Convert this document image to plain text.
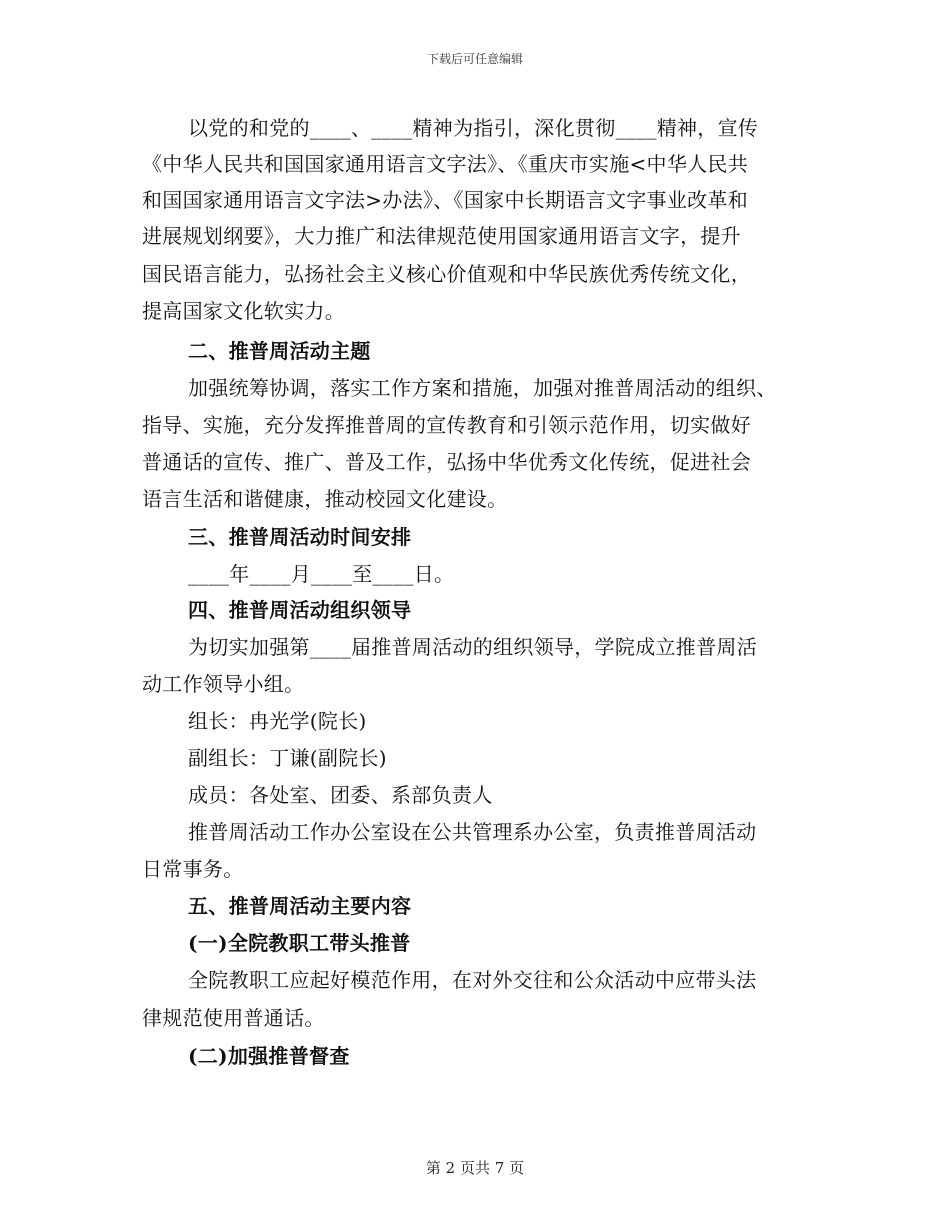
下载后可任意编辑
以党的和党的____、____精神为指引，深化贯彻____精神，宣传
《中华人民共和国国家通用语言文字法》、《重庆市实施<中华人民共
和国国家通用语言文字法>办法》、《国家中长期语言文字事业改革和
进展规划纲要》，大力推广和法律规范使用国家通用语言文字，提升
国民语言能力，弘扬社会主义核心价值观和中华民族优秀传统文化，
提高国家文化软实力。
二、推普周活动主题
加强统筹协调，落实工作方案和措施，加强对推普周活动的组织、
指导、实施，充分发挥推普周的宣传教育和引领示范作用，切实做好
普通话的宣传、推广、普及工作，弘扬中华优秀文化传统，促进社会
语言生活和谐健康，推动校园文化建设。
三、推普周活动时间安排
____年____月____至____日。
四、推普周活动组织领导
为切实加强第____届推普周活动的组织领导，学院成立推普周活
动工作领导小组。
组长：冉光学(院长)
副组长：丁谦(副院长)
成员：各处室、团委、系部负责人
推普周活动工作办公室设在公共管理系办公室，负责推普周活动
日常事务。
五、推普周活动主要内容
(一)全院教职工带头推普
全院教职工应起好模范作用，在对外交往和公众活动中应带头法
律规范使用普通话。
(二)加强推普督查
第 2 页共 7 页
